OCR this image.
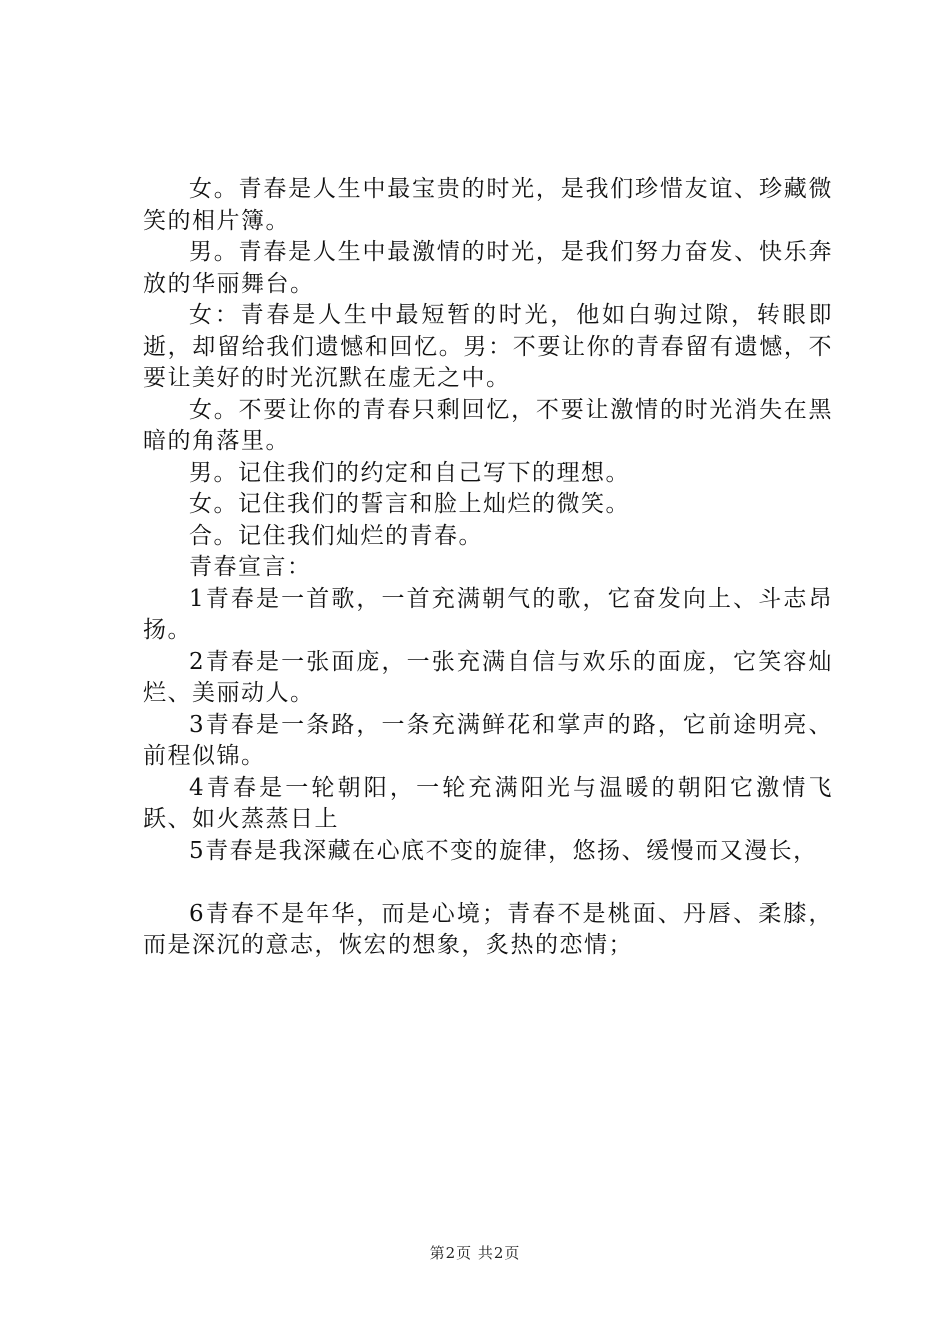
女。青春是人生中最宝贵的时光，是我们珍惜友谊、珍藏微笑的相片簿。

男。青春是人生中最激情的时光，是我们努力奋发、快乐奔放的华丽舞台。

女：青春是人生中最短暂的时光，他如白驹过隙，转眼即逝，却留给我们遗憾和回忆。男：不要让你的青春留有遗憾，不要让美好的时光沉默在虚无之中。

女。不要让你的青春只剩回忆，不要让激情的时光消失在黑暗的角落里。

男。记住我们的约定和自己写下的理想。

女。记住我们的誓言和脸上灿烂的微笑。

合。记住我们灿烂的青春。

青春宣言：

1青春是一首歌，一首充满朝气的歌，它奋发向上、斗志昂扬。

2青春是一张面庞，一张充满自信与欢乐的面庞，它笑容灿烂、美丽动人。

3青春是一条路，一条充满鲜花和掌声的路，它前途明亮、前程似锦。

4青春是一轮朝阳，一轮充满阳光与温暖的朝阳它激情飞跃、如火蒸蒸日上

5青春是我深藏在心底不变的旋律，悠扬、缓慢而又漫长，

6青春不是年华，而是心境；青春不是桃面、丹唇、柔膝，而是深沉的意志，恢宏的想象，炙热的恋情；

第2页 共2页
